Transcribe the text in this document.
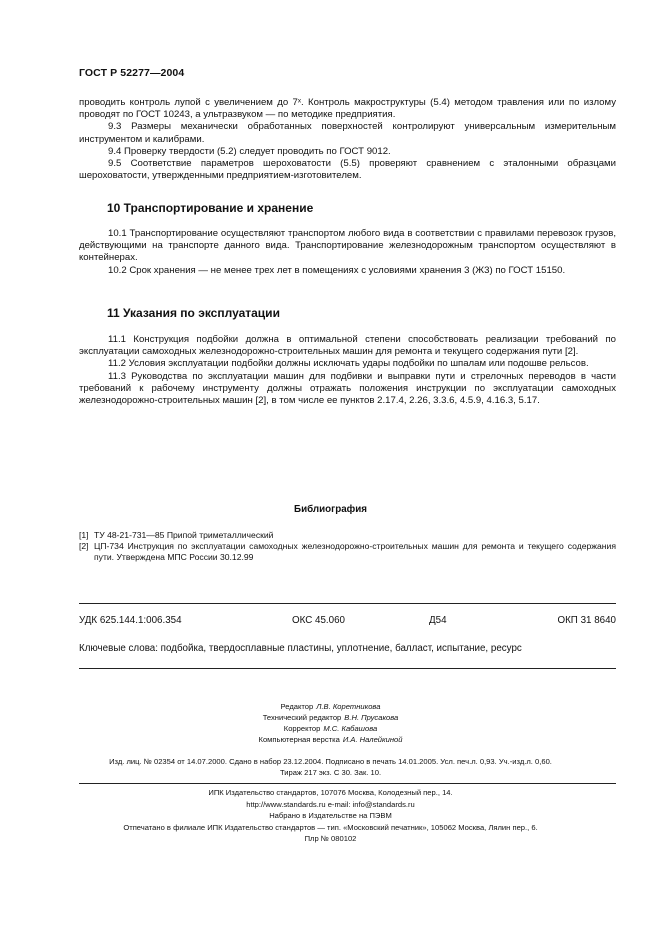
ГОСТ Р 52277—2004

проводить контроль лупой с увеличением до 7ˣ. Контроль макроструктуры (5.4) методом травления или по излому проводят по ГОСТ 10243, а ультразвуком — по методике предприятия.

9.3 Размеры механически обработанных поверхностей контролируют универсальным измерительным инструментом и калибрами.

9.4 Проверку твердости (5.2) следует проводить по ГОСТ 9012.

9.5 Соответствие параметров шероховатости (5.5) проверяют сравнением с эталонными образцами шероховатости, утвержденными предприятием-изготовителем.

10 Транспортирование и хранение

10.1 Транспортирование осуществляют транспортом любого вида в соответствии с правилами перевозок грузов, действующими на транспорте данного вида. Транспортирование железнодорожным транспортом осуществляют в контейнерах.

10.2 Срок хранения — не менее трех лет в помещениях с условиями хранения 3 (Ж3) по ГОСТ 15150.

11 Указания по эксплуатации

11.1 Конструкция подбойки должна в оптимальной степени способствовать реализации требований по эксплуатации самоходных железнодорожно-строительных машин для ремонта и текущего содержания пути [2].

11.2 Условия эксплуатации подбойки должны исключать удары подбойки по шпалам или подошве рельсов.

11.3 Руководства по эксплуатации машин для подбивки и выправки пути и стрелочных переводов в части требований к рабочему инструменту должны отражать положения инструкции по эксплуатации самоходных железнодорожно-строительных машин [2], в том числе ее пунктов 2.17.4, 2.26, 3.3.6, 4.5.9, 4.16.3, 5.17.

Библиография
[1] ТУ 48-21-731—85 Припой триметаллический
[2] ЦП-734 Инструкция по эксплуатации самоходных железнодорожно-строительных машин для ремонта и текущего содержания пути. Утверждена МПС России 30.12.99
УДК 625.144.1:006.354	ОКС 45.060	Д54	ОКП 31 8640
Ключевые слова: подбойка, твердосплавные пластины, уплотнение, балласт, испытание, ресурс
Редактор Л.В. Коретникова
Технический редактор В.Н. Прусакова
Корректор М.С. Кабашова
Компьютерная верстка И.А. Налейкиной
Изд. лиц. № 02354 от 14.07.2000. Сдано в набор 23.12.2004. Подписано в печать 14.01.2005. Усл. печ.л. 0,93. Уч.-изд.л. 0,60.
Тираж 217 экз. С 30. Зак. 10.
ИПК Издательство стандартов, 107076 Москва, Колодезный пер., 14.
http://www.standards.ru e-mail: info@standards.ru
Набрано в Издательстве на ПЭВМ
Отпечатано в филиале ИПК Издательство стандартов — тип. «Московский печатник», 105062 Москва, Лялин пер., 6.
Плр № 080102
